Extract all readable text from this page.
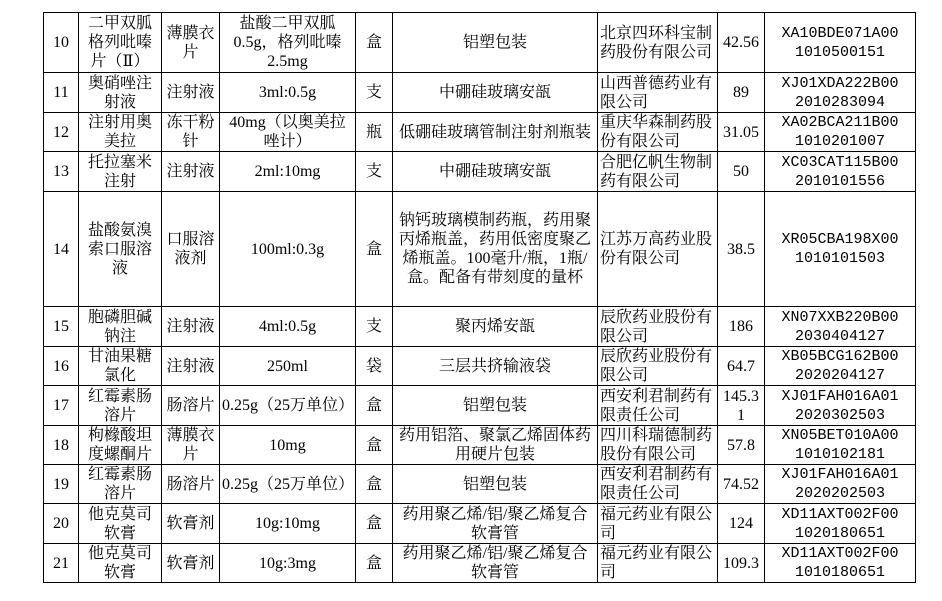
10	二甲双胍格列吡嗪片（Ⅱ）	薄膜衣片	盐酸二甲双胍0.5g，格列吡嗪2.5mg	盒	铝塑包装	北京四环科宝制药股份有限公司	42.56	XA10BDE071A001010500151
11	奥硝唑注射液	注射液	3ml:0.5g	支	中硼硅玻璃安瓿	山西普德药业有限公司	89	XJ01XDA222B002010283094
12	注射用奥美拉	冻干粉针	40mg（以奥美拉唑计）	瓶	低硼硅玻璃管制注射剂瓶装	重庆华森制药股份有限公司	31.05	XA02BCA211B001010201007
13	托拉塞米注射	注射液	2ml:10mg	支	中硼硅玻璃安瓿	合肥亿帆生物制药有限公司	50	XC03CAT115B002010101556
14	盐酸氨溴索口服溶液	口服溶液剂	100ml:0.3g	盒	钠钙玻璃模制药瓶，药用聚丙烯瓶盖，药用低密度聚乙烯瓶盖。100毫升/瓶，1瓶/盒。配备有带刻度的量杯	江苏万高药业股份有限公司	38.5	XR05CBA198X001010101503
15	胞磷胆碱钠注	注射液	4ml:0.5g	支	聚丙烯安瓿	辰欣药业股份有限公司	186	XN07XXB220B002030404127
16	甘油果糖氯化	注射液	250ml	袋	三层共挤输液袋	辰欣药业股份有限公司	64.7	XB05BCG162B002020204127
17	红霉素肠溶片	肠溶片	0.25g（25万单位）	盒	铝塑包装	西安利君制药有限责任公司	145.31	XJ01FAH016A012020302503
18	枸橼酸坦度螺酮片	薄膜衣片	10mg	盒	药用铝箔、聚氯乙烯固体药用硬片包装	四川科瑞德制药股份有限公司	57.8	XN05BET010A001010102181
19	红霉素肠溶片	肠溶片	0.25g（25万单位）	盒	铝塑包装	西安利君制药有限责任公司	74.52	XJ01FAH016A012020202503
20	他克莫司软膏	软膏剂	10g:10mg	盒	药用聚乙烯/铝/聚乙烯复合软膏管	福元药业有限公司	124	XD11AXT002F001020180651
21	他克莫司软膏	软膏剂	10g:3mg	盒	药用聚乙烯/铝/聚乙烯复合软膏管	福元药业有限公司	109.3	XD11AXT002F001010180651
